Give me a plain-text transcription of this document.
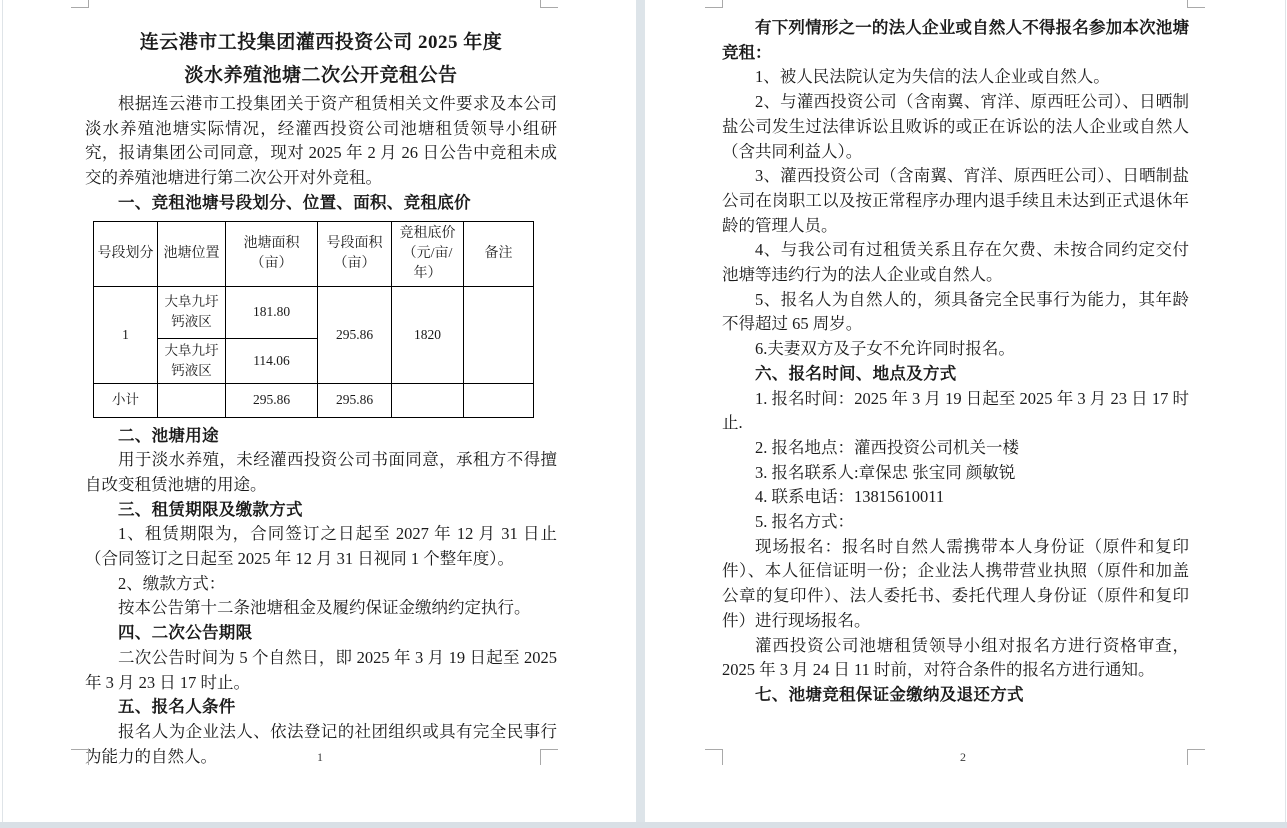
连云港市工投集团灌西投资公司 2025 年度

淡水养殖池塘二次公开竞租公告

根据连云港市工投集团关于资产租赁相关文件要求及本公司淡水养殖池塘实际情况，经灌西投资公司池塘租赁领导小组研究，报请集团公司同意，现对 2025 年 2 月 26 日公告中竞租未成交的养殖池塘进行第二次公开对外竞租。

一、竞租池塘号段划分、位置、面积、竞租底价

号段划分	池塘位置	池塘面积（亩）	号段面积（亩）	竞租底价（元/亩/年）	备注
1	大阜九圩钙液区	181.80	295.86	1820	
	大阜九圩钙液区	114.06			
小计		295.86	295.86		

二、池塘用途

用于淡水养殖，未经灌西投资公司书面同意，承租方不得擅自改变租赁池塘的用途。

三、租赁期限及缴款方式

1、租赁期限为，合同签订之日起至 2027 年 12 月 31 日止（合同签订之日起至 2025 年 12 月 31 日视同 1 个整年度）。

2、缴款方式：

按本公告第十二条池塘租金及履约保证金缴纳约定执行。

四、二次公告期限

二次公告时间为 5 个自然日，即 2025 年 3 月 19 日起至 2025 年 3 月 23 日 17 时止。

五、报名人条件

报名人为企业法人、依法登记的社团组织或具有完全民事行为能力的自然人。	1

有下列情形之一的法人企业或自然人不得报名参加本次池塘竞租：

1、被人民法院认定为失信的法人企业或自然人。

2、与灌西投资公司（含南翼、宵洋、原西旺公司）、日晒制盐公司发生过法律诉讼且败诉的或正在诉讼的法人企业或自然人（含共同利益人）。

3、灌西投资公司（含南翼、宵洋、原西旺公司）、日晒制盐公司在岗职工以及按正常程序办理内退手续且未达到正式退休年龄的管理人员。

4、与我公司有过租赁关系且存在欠费、未按合同约定交付池塘等违约行为的法人企业或自然人。

5、报名人为自然人的，须具备完全民事行为能力，其年龄不得超过 65 周岁。

6.夫妻双方及子女不允许同时报名。

六、报名时间、地点及方式

1. 报名时间：2025 年 3 月 19 日起至 2025 年 3 月 23 日 17 时止.

2. 报名地点：灌西投资公司机关一楼

3. 报名联系人:章保忠 张宝同 颜敏锐

4. 联系电话：13815610011

5. 报名方式：

现场报名：报名时自然人需携带本人身份证（原件和复印件）、本人征信证明一份；企业法人携带营业执照（原件和加盖公章的复印件）、法人委托书、委托代理人身份证（原件和复印件）进行现场报名。

灌西投资公司池塘租赁领导小组对报名方进行资格审查，2025 年 3 月 24 日 11 时前，对符合条件的报名方进行通知。

七、池塘竞租保证金缴纳及退还方式

2
